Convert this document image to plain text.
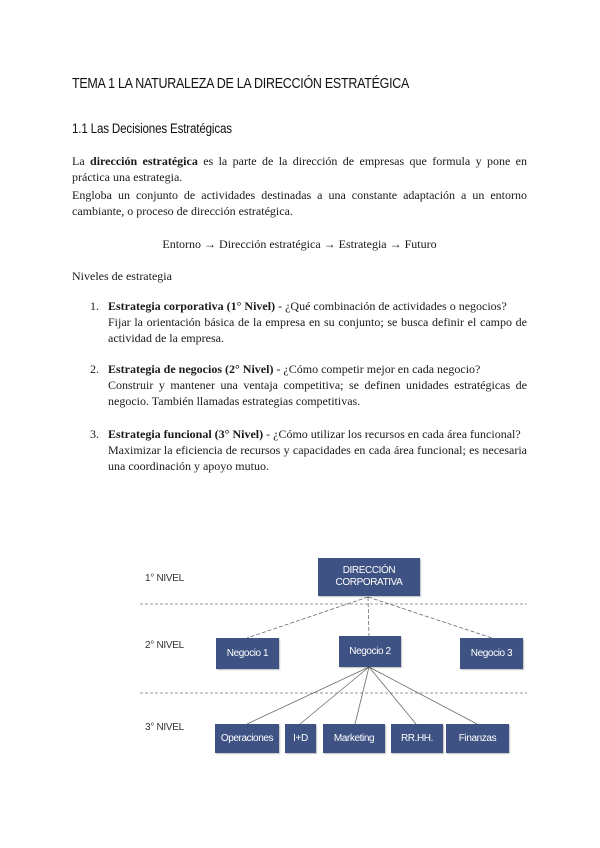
TEMA 1 LA NATURALEZA DE LA DIRECCIÓN ESTRATÉGICA
1.1 Las Decisiones Estratégicas
La dirección estratégica es la parte de la dirección de empresas que formula y pone en práctica una estrategia.
Engloba un conjunto de actividades destinadas a una constante adaptación a un entorno cambiante, o proceso de dirección estratégica.
Entorno → Dirección estratégica → Estrategia → Futuro
Niveles de estrategia
1. Estrategia corporativa (1° Nivel) - ¿Qué combinación de actividades o negocios?
Fijar la orientación básica de la empresa en su conjunto; se busca definir el campo de actividad de la empresa.
2. Estrategia de negocios (2° Nivel) - ¿Cómo competir mejor en cada negocio?
Construir y mantener una ventaja competitiva; se definen unidades estratégicas de negocio. También llamadas estrategias competitivas.
3. Estrategia funcional (3° Nivel) - ¿Cómo utilizar los recursos en cada área funcional?
Maximizar la eficiencia de recursos y capacidades en cada área funcional; es necesaria una coordinación y apoyo mutuo.
1° NIVEL
2° NIVEL
3° NIVEL
DIRECCIÓN CORPORATIVA
Negocio 1	Negocio 2	Negocio 3
Operaciones	I+D	Marketing	RR.HH.	Finanzas
